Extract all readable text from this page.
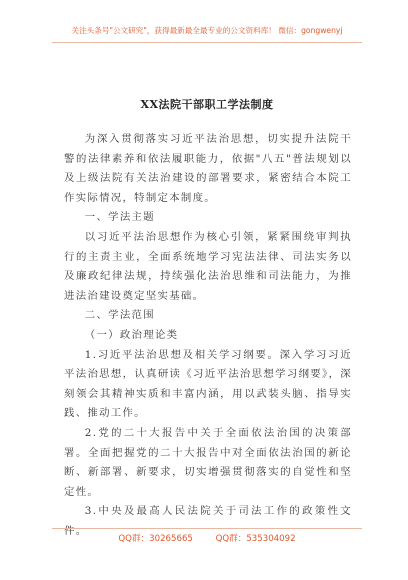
关注头条号"公文研究"，获得最新最全最专业的公文资料库！ 微信：gongwenyj
XX法院干部职工学法制度

为深入贯彻落实习近平法治思想，切实提升法院干警的法律素养和依法履职能力，依据"八五"普法规划以及上级法院有关法治建设的部署要求，紧密结合本院工作实际情况，特制定本制度。

一、学法主题

以习近平法治思想作为核心引领，紧紧围绕审判执行的主责主业，全面系统地学习宪法法律、司法实务以及廉政纪律法规，持续强化法治思维和司法能力，为推进法治建设奠定坚实基础。

二、学法范围

（一）政治理论类

1.习近平法治思想及相关学习纲要。深入学习习近平法治思想，认真研读《习近平法治思想学习纲要》，深刻领会其精神实质和丰富内涵，用以武装头脑、指导实践、推动工作。

2.党的二十大报告中关于全面依法治国的决策部署。全面把握党的二十大报告中对全面依法治国的新论断、新部署、新要求，切实增强贯彻落实的自觉性和坚定性。

3.中央及最高人民法院关于司法工作的政策性文件。

QQ群：30265665	QQ群：535304092
